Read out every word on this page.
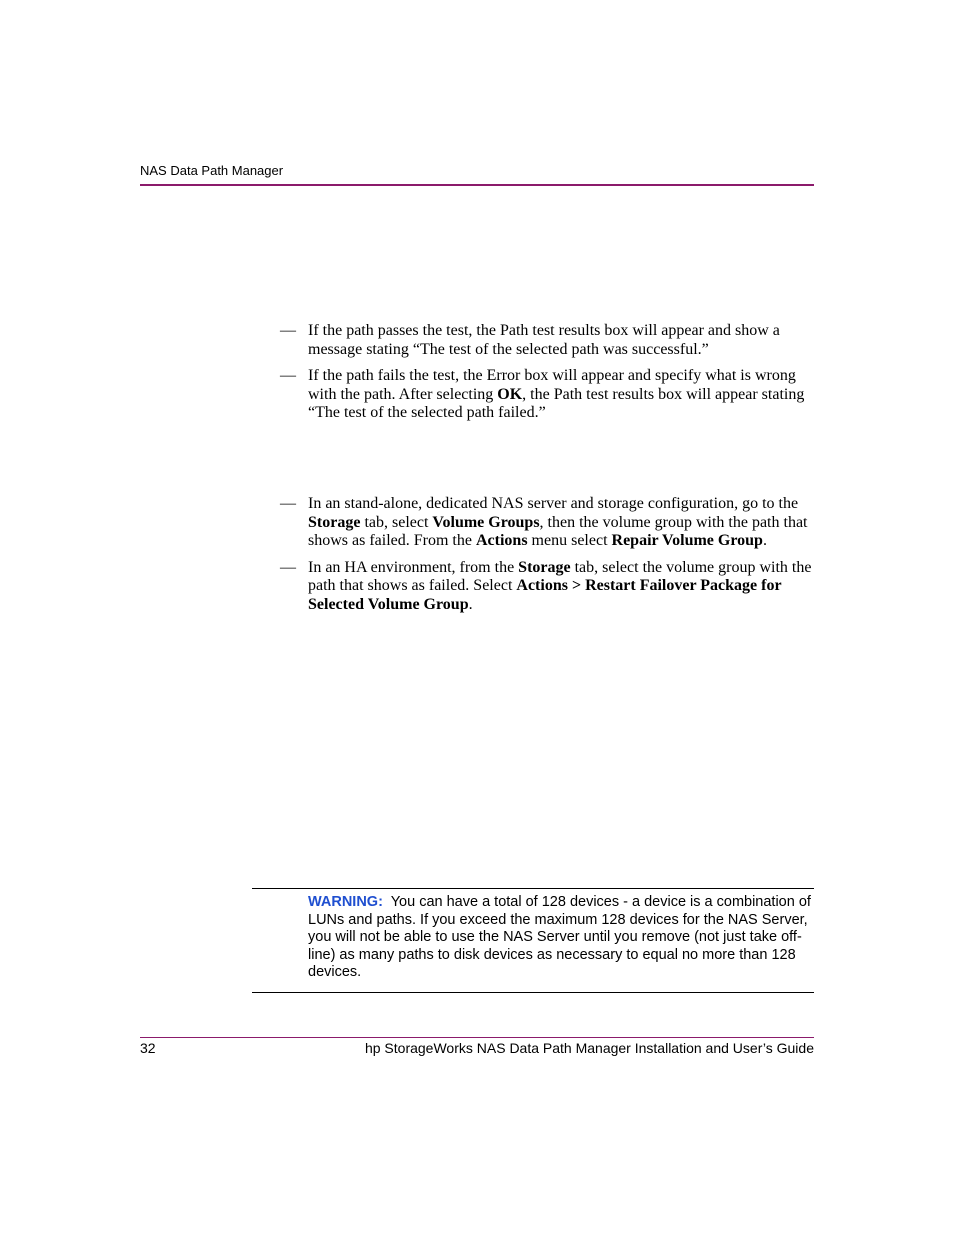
NAS Data Path Manager
— If the path passes the test, the Path test results box will appear and show a message stating “The test of the selected path was successful.”
— If the path fails the test, the Error box will appear and specify what is wrong with the path. After selecting OK, the Path test results box will appear stating “The test of the selected path failed.”
— In an stand-alone, dedicated NAS server and storage configuration, go to the Storage tab, select Volume Groups, then the volume group with the path that shows as failed. From the Actions menu select Repair Volume Group.
— In an HA environment, from the Storage tab, select the volume group with the path that shows as failed. Select Actions > Restart Failover Package for Selected Volume Group.
WARNING: You can have a total of 128 devices - a device is a combination of LUNs and paths. If you exceed the maximum 128 devices for the NAS Server, you will not be able to use the NAS Server until you remove (not just take off-line) as many paths to disk devices as necessary to equal no more than 128 devices.
32	hp StorageWorks NAS Data Path Manager Installation and User’s Guide
